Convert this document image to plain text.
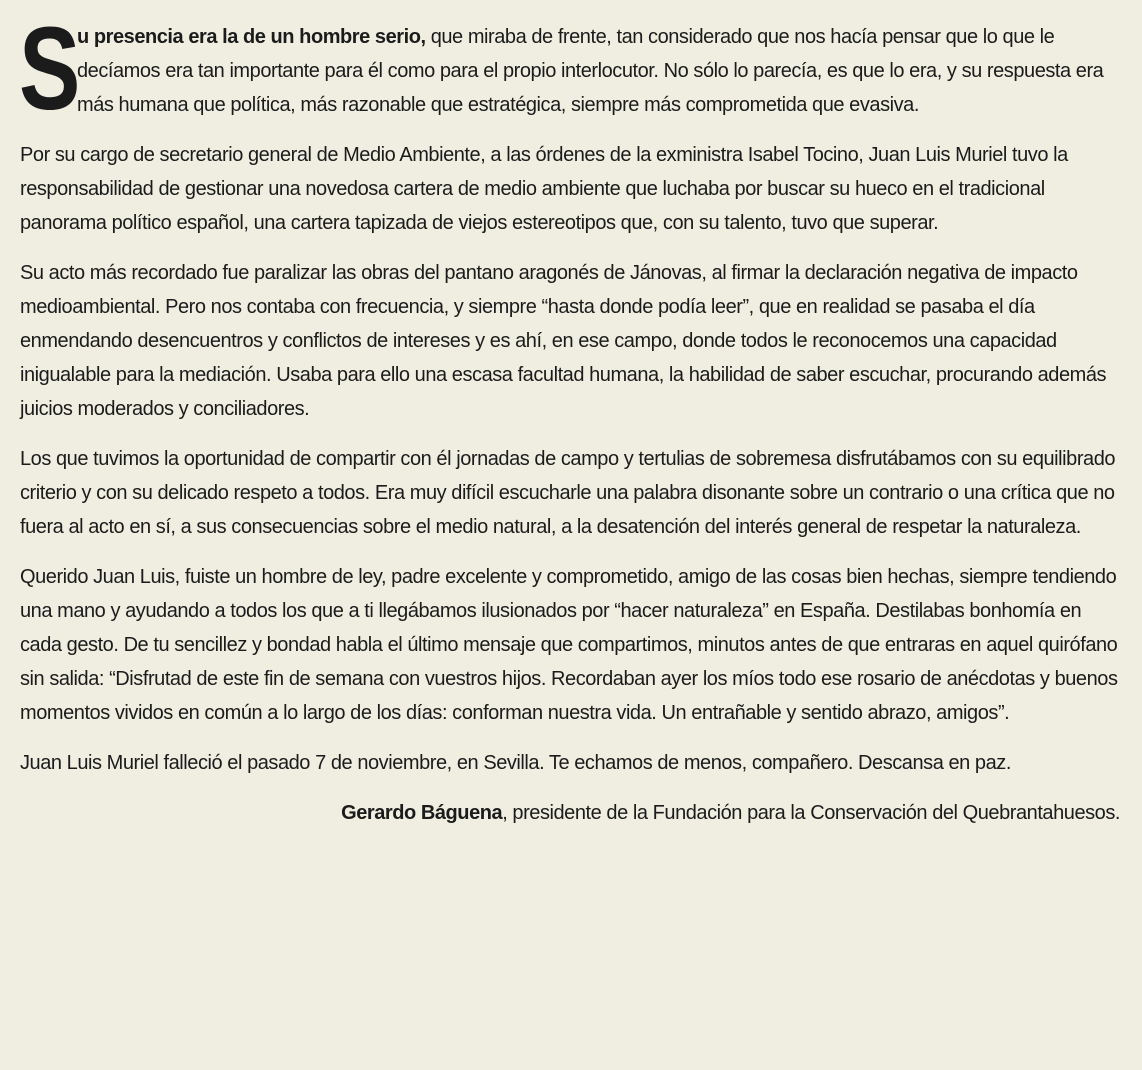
S
u presencia era la de un hombre serio, que miraba de frente, tan considerado que nos hacía pensar que lo que le decíamos era tan importante para él como para el propio interlocutor. No sólo lo parecía, es que lo era, y su respuesta era más humana que política, más razonable que estratégica, siempre más comprometida que evasiva.

Por su cargo de secretario general de Medio Ambiente, a las órdenes de la exministra Isabel Tocino, Juan Luis Muriel tuvo la responsabilidad de gestionar una novedosa cartera de medio ambiente que luchaba por buscar su hueco en el tradicional panorama político español, una cartera tapizada de viejos estereotipos que, con su talento, tuvo que superar.

Su acto más recordado fue paralizar las obras del pantano aragonés de Jánovas, al firmar la declaración negativa de impacto medioambiental. Pero nos contaba con frecuencia, y siempre “hasta donde podía leer”, que en realidad se pasaba el día enmendando desencuentros y conflictos de intereses y es ahí, en ese campo, donde todos le reconocemos una capacidad inigualable para la mediación. Usaba para ello una escasa facultad humana, la habilidad de saber escuchar, procurando además juicios moderados y conciliadores.

Los que tuvimos la oportunidad de compartir con él jornadas de campo y tertulias de sobremesa disfrutábamos con su equilibrado criterio y con su delicado respeto a todos. Era muy difícil escucharle una palabra disonante sobre un contrario o una crítica que no fuera al acto en sí, a sus consecuencias sobre el medio natural, a la desatención del interés general de respetar la naturaleza.

Querido Juan Luis, fuiste un hombre de ley, padre excelente y comprometido, amigo de las cosas bien hechas, siempre tendiendo una mano y ayudando a todos los que a ti llegábamos ilusionados por “hacer naturaleza” en España. Destilabas bonhomía en cada gesto. De tu sencillez y bondad habla el último mensaje que compartimos, minutos antes de que entraras en aquel quirófano sin salida: “Disfrutad de este fin de semana con vuestros hijos. Recordaban ayer los míos todo ese rosario de anécdotas y buenos momentos vividos en común a lo largo de los días: conforman nuestra vida. Un entrañable y sentido abrazo, amigos”.

Juan Luis Muriel falleció el pasado 7 de noviembre, en Sevilla. Te echamos de menos, compañero. Descansa en paz.

Gerardo Báguena, presidente de la Fundación para la Conservación del Quebrantahuesos.
